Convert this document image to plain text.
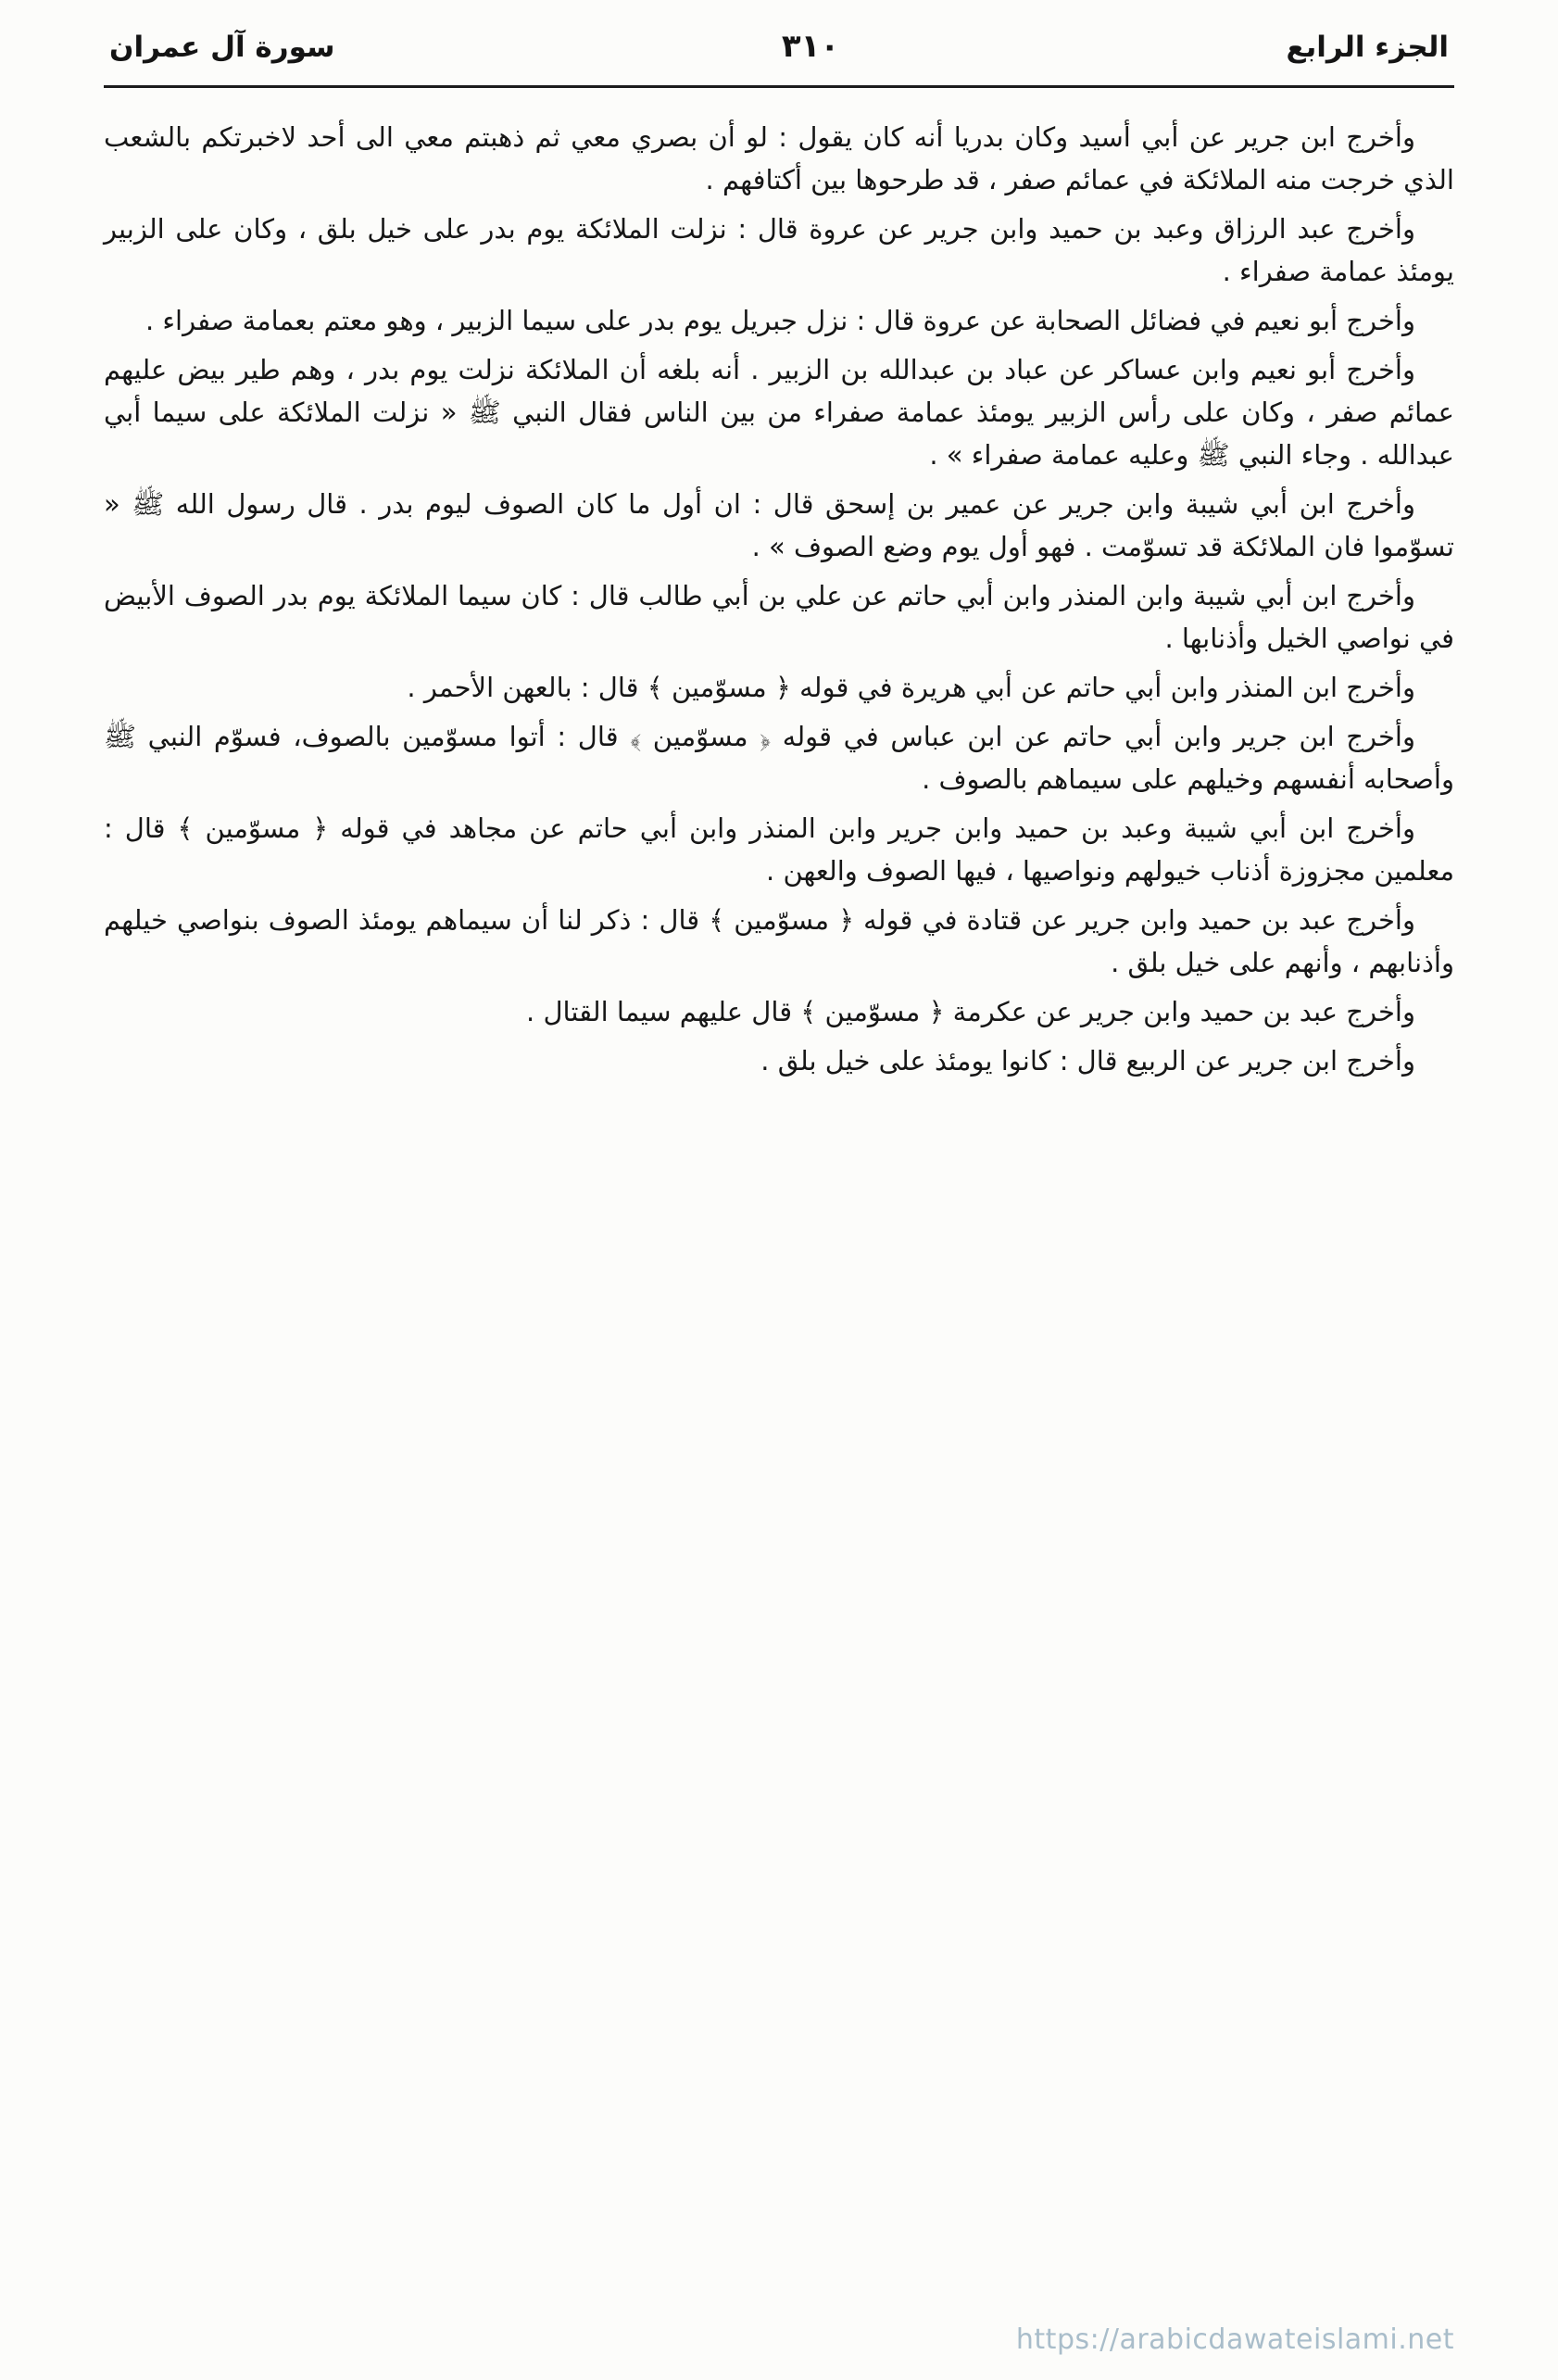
الجزء الرابع
٣١٠
سورة آل عمران

وأخرج ابن جرير عن أبي أسيد وكان بدريا أنه كان يقول : لو أن بصري معي ثم ذهبتم معي الى أحد لاخبرتكم بالشعب الذي خرجت منه الملائكة في عمائم صفر ، قد طرحوها بين أكتافهم .

وأخرج عبد الرزاق وعبد بن حميد وابن جرير عن عروة قال : نزلت الملائكة يوم بدر على خيل بلق ، وكان على الزبير يومئذ عمامة صفراء .

وأخرج أبو نعيم في فضائل الصحابة عن عروة قال : نزل جبريل يوم بدر على سيما الزبير ، وهو معتم بعمامة صفراء .

وأخرج أبو نعيم وابن عساكر عن عباد بن عبدالله بن الزبير . أنه بلغه أن الملائكة نزلت يوم بدر ، وهم طير بيض عليهم عمائم صفر ، وكان على رأس الزبير يومئذ عمامة صفراء من بين الناس فقال النبي ﷺ « نزلت الملائكة على سيما أبي عبدالله . وجاء النبي ﷺ وعليه عمامة صفراء » .

وأخرج ابن أبي شيبة وابن جرير عن عمير بن إسحق قال : ان أول ما كان الصوف ليوم بدر . قال رسول الله ﷺ « تسوّموا فان الملائكة قد تسوّمت . فهو أول يوم وضع الصوف » .

وأخرج ابن أبي شيبة وابن المنذر وابن أبي حاتم عن علي بن أبي طالب قال : كان سيما الملائكة يوم بدر الصوف الأبيض في نواصي الخيل وأذنابها .

وأخرج ابن المنذر وابن أبي حاتم عن أبي هريرة في قوله ﴿ مسوّمين ﴾ قال : بالعهن الأحمر .

وأخرج ابن جرير وابن أبي حاتم عن ابن عباس في قوله ﴿ مسوّمين ﴾ قال : أتوا مسوّمين بالصوف، فسوّم النبي ﷺ وأصحابه أنفسهم وخيلهم على سيماهم بالصوف .

وأخرج ابن أبي شيبة وعبد بن حميد وابن جرير وابن المنذر وابن أبي حاتم عن مجاهد في قوله ﴿ مسوّمين ﴾ قال : معلمين مجزوزة أذناب خيولهم ونواصيها ، فيها الصوف والعهن .

وأخرج عبد بن حميد وابن جرير عن قتادة في قوله ﴿ مسوّمين ﴾ قال : ذكر لنا أن سيماهم يومئذ الصوف بنواصي خيلهم وأذنابهم ، وأنهم على خيل بلق .

وأخرج عبد بن حميد وابن جرير عن عكرمة ﴿ مسوّمين ﴾ قال عليهم سيما القتال .

وأخرج ابن جرير عن الربيع قال : كانوا يومئذ على خيل بلق .

https://arabicdawateislami.net
